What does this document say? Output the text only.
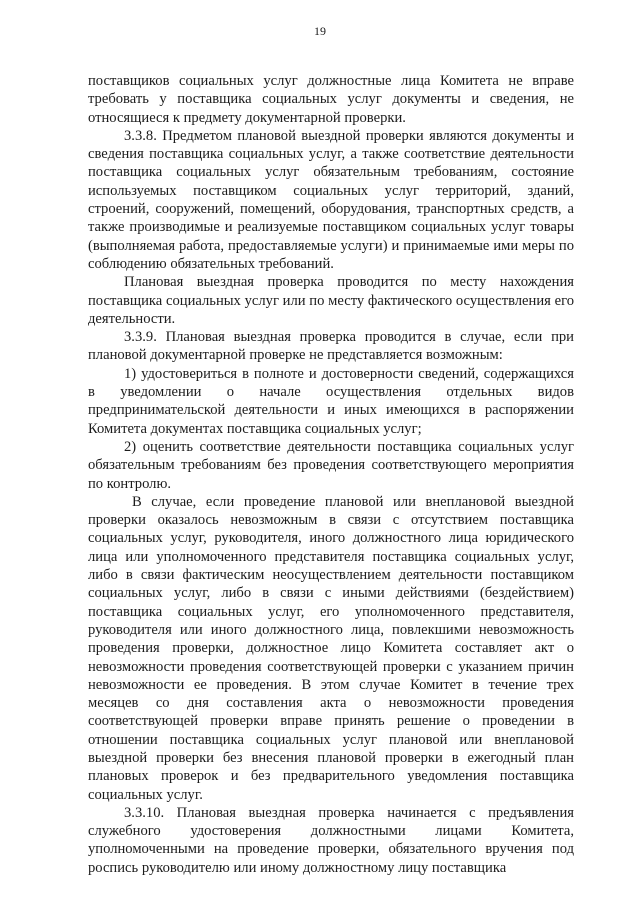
19

поставщиков социальных услуг должностные лица Комитета не вправе требовать у поставщика социальных услуг документы и сведения, не относящиеся к предмету документарной проверки.

3.3.8. Предметом плановой выездной проверки являются документы и сведения поставщика социальных услуг, а также соответствие деятельности поставщика социальных услуг обязательным требованиям, состояние используемых поставщиком социальных услуг территорий, зданий, строений, сооружений, помещений, оборудования, транспортных средств, а также производимые и реализуемые поставщиком социальных услуг товары (выполняемая работа, предоставляемые услуги) и принимаемые ими меры по соблюдению обязательных требований.

Плановая выездная проверка проводится по месту нахождения поставщика социальных услуг или по месту фактического осуществления его деятельности.

3.3.9. Плановая выездная проверка проводится в случае, если при плановой документарной проверке не представляется возможным:

1) удостовериться в полноте и достоверности сведений, содержащихся в уведомлении о начале осуществления отдельных видов предпринимательской деятельности и иных имеющихся в распоряжении Комитета документах поставщика социальных услуг;

2) оценить соответствие деятельности поставщика социальных услуг обязательным требованиям без проведения соответствующего мероприятия по контролю.

В случае, если проведение плановой или внеплановой выездной проверки оказалось невозможным в связи с отсутствием поставщика социальных услуг, руководителя, иного должностного лица юридического лица или уполномоченного представителя поставщика социальных услуг, либо в связи фактическим неосуществлением деятельности поставщиком социальных услуг, либо в связи с иными действиями (бездействием) поставщика социальных услуг, его уполномоченного представителя, руководителя или иного должностного лица, повлекшими невозможность проведения проверки, должностное лицо Комитета составляет акт о невозможности проведения соответствующей проверки с указанием причин невозможности ее проведения. В этом случае Комитет в течение трех месяцев со дня составления акта о невозможности проведения соответствующей проверки вправе принять решение о проведении в отношении поставщика социальных услуг плановой или внеплановой выездной проверки без внесения плановой проверки в ежегодный план плановых проверок и без предварительного уведомления поставщика социальных услуг.

3.3.10. Плановая выездная проверка начинается с предъявления служебного удостоверения должностными лицами Комитета, уполномоченными на проведение проверки, обязательного вручения под роспись руководителю или иному должностному лицу поставщика
